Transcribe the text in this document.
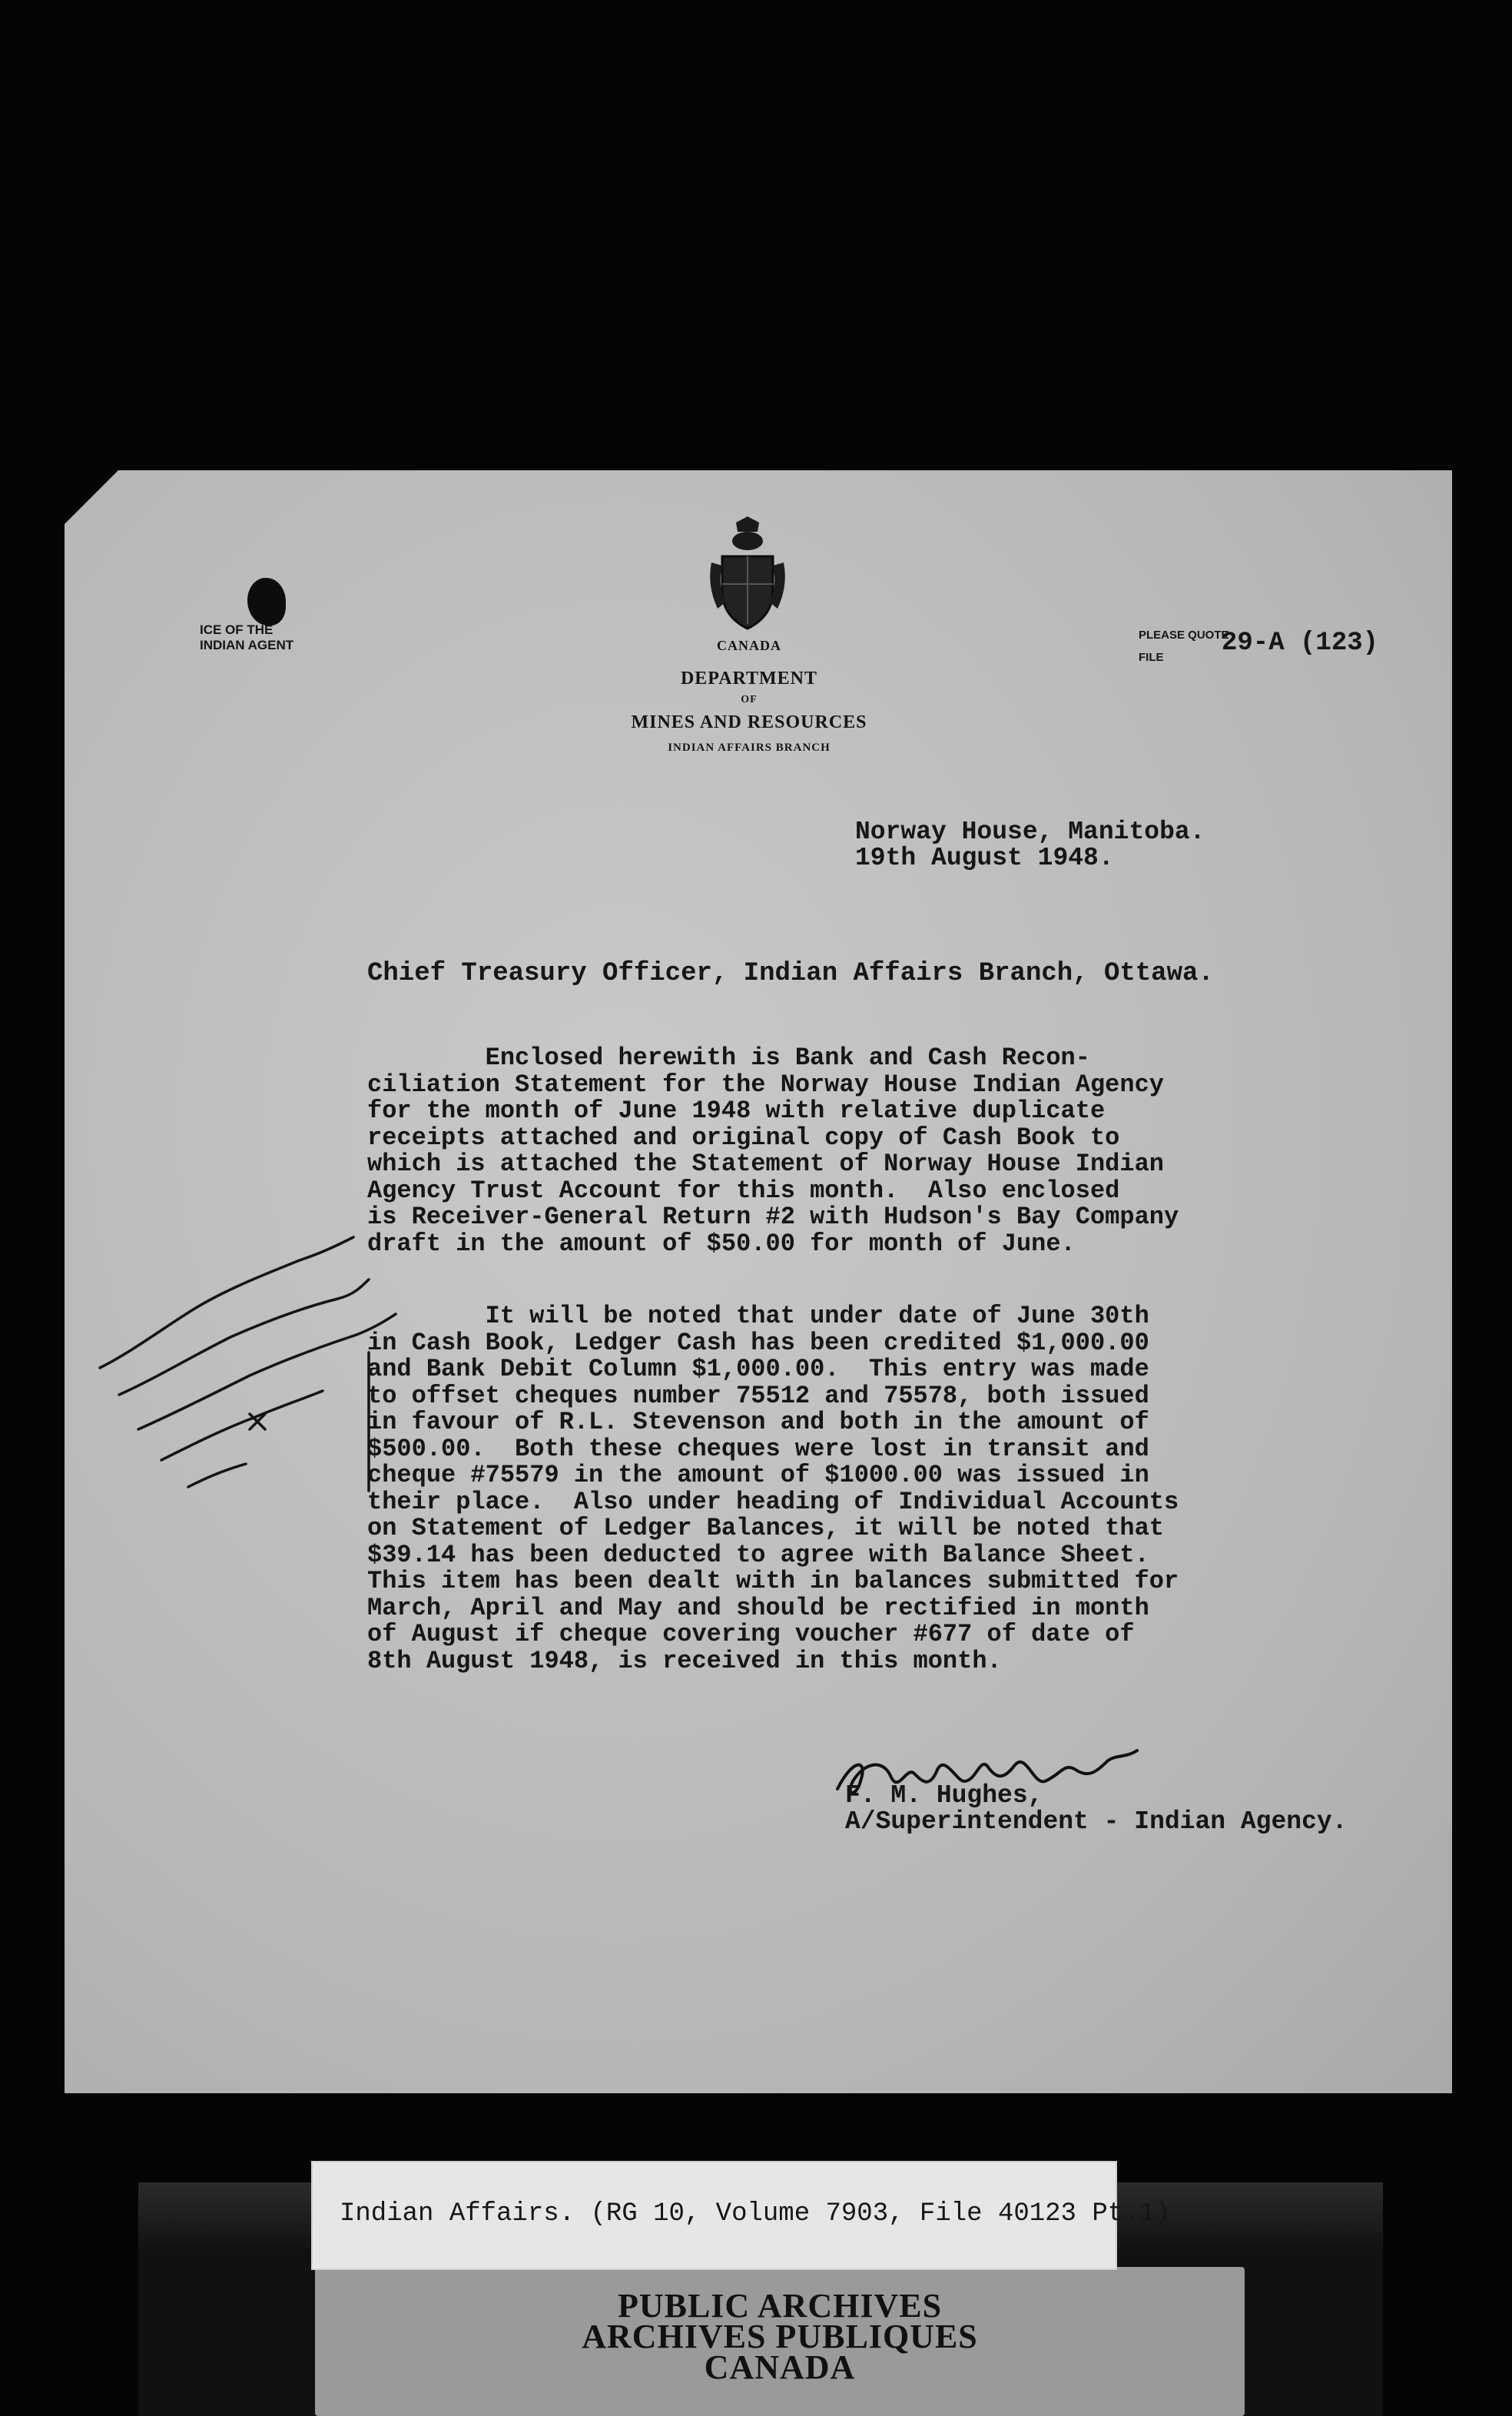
ICE OF THE
INDIAN AGENT	CANADA
DEPARTMENT
OF
MINES AND RESOURCES
INDIAN AFFAIRS BRANCH
PLEASE QUOTE
FILE	29-A (123)
Norway House, Manitoba.
19th August 1948.
Chief Treasury Officer, Indian Affairs Branch, Ottawa.
Enclosed herewith is Bank and Cash Recon-
ciliation Statement for the Norway House Indian Agency
for the month of June 1948 with relative duplicate
receipts attached and original copy of Cash Book to
which is attached the Statement of Norway House Indian
Agency Trust Account for this month.  Also enclosed
is Receiver-General Return #2 with Hudson's Bay Company
draft in the amount of $50.00 for month of June.
It will be noted that under date of June 30th
in Cash Book, Ledger Cash has been credited $1,000.00
and Bank Debit Column $1,000.00.  This entry was made
to offset cheques number 75512 and 75578, both issued
in favour of R.L. Stevenson and both in the amount of
$500.00.  Both these cheques were lost in transit and
cheque #75579 in the amount of $1000.00 was issued in
their place.  Also under heading of Individual Accounts
on Statement of Ledger Balances, it will be noted that
$39.14 has been deducted to agree with Balance Sheet.
This item has been dealt with in balances submitted for
March, April and May and should be rectified in month
of August if cheque covering voucher #677 of date of
8th August 1948, is received in this month.
F. M. Hughes,
A/Superintendent - Indian Agency.
PUBLIC ARCHIVES
ARCHIVES PUBLIQUES
CANADA
Indian Affairs. (RG 10, Volume 7903, File 40123 Pt.1)
